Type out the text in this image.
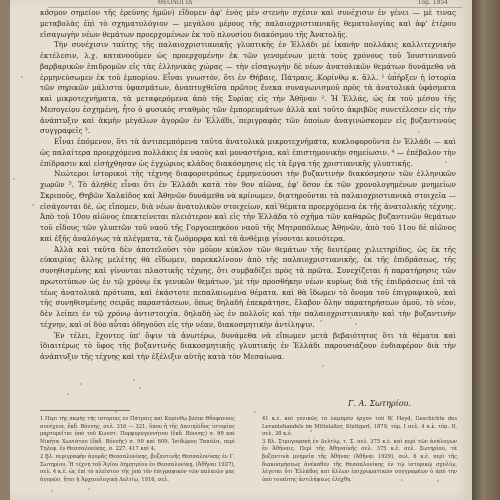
ΘΕΟΛΟΓΙΑ	Τόμ. 1954

κόσμον σημείον τῆς ἐρεύνης ἡμῶν) εἴδομεν ἀφ' ἑνὸς μὲν στενὴν σχέσιν καὶ συνέχισιν ἐν γένει — μὲ τινας μεταβολὰς ἐπὶ τὸ σχηματολόγιον — μεγάλου μέρους τῆς παλαιοχριστιανικῆς θεματολογίας καὶ ἀφ' ἑτέρου εἰσαγωγὴν νέων θεμάτων προερχομένων ἐκ τοῦ πλουσίου διακόσμου τῆς Ἀνατολῆς.

Τὴν συνέχισιν ταύτης τῆς παλαιοχριστιανικῆς γλυπτικῆς ἐν Ἑλλάδι μὲ ἱκανὴν πολλάκις καλλιτεχνικὴν ἐκτέλεσιν, λ.χ. κατανοοῦμεν ὡς προερχομένην ἐκ τῶν γενομένων μετὰ τοὺς χρόνους τοῦ Ἰουστινιανοῦ βαρβαρικῶν ἐπιδρομῶν εἰς τὰς ἑλληνικὰς χώρας — τὴν εἰσαγωγὴν δὲ νέων ἀνατολικῶν θεμάτων δυνάμεθα νὰ ἑρμηνεύσωμεν ἐκ τοῦ ἐμπορίου. Εἶναι γνωστόν, ὅτι ἐν Θήβαις, Πάτραις, Κορίνθῳ κ. ἄλλ. ¹ ὑπῆρξεν ἡ ἱστορία τῶν σηρικῶν μάλιστα ὑφασμάτων, ἀναπτυχθεῖσα πρῶτος ἕνεκα συναγωνισμοῦ πρὸς τὰ ἀνατολικὰ ὑφάσματα καὶ μικροτεχνήματα, τὰ μεταφερόμενα ἀπὸ τῆς Συρίας εἰς τὴν Ἀθῆναν ². Ἡ Ἑλλάς, ὡς ἐκ τοῦ μέσου τῆς Μεσογείου ἐσχημένη, ἦτο ὁ φυσικὸς σταθμὸς τῶν ἐμπορευμάτων ἀλλὰ καὶ τοῦτο ἀκριβῶς συνετέλεσεν εἰς τὴν ἀνάπτυξιν καὶ ἀκμὴν μεγάλων ἀγορῶν ἐν Ἑλλάδι, περιγραφὰς τῶν ὁποίων ἀναγινώσκομεν εἰς βυζαντινοὺς συγγραφεῖς ³.

Εἶναι ἐπόμενον, ὅτι τὰ ἀντιπεμπόμενα ταῦτα ἀνατολικὰ μικροτεχνήματα, κυκλοφοροῦντα ἐν Ἑλλάδι — καὶ ὡς παλαίτερα προερχόμενα πολλάκις ἐκ ναοὺς καὶ μοναστήρια, καὶ ἐπιστημονικὴν σημείωσιν. ⁴ — ἐπέβαλον τὴν ἐπίδρασιν καὶ εἰσήχθησαν ὡς ἐγχώριος κλάδος διακόσμησις εἰς τὰ ἔργα τῆς χριστιανικῆς γλυπτικῆς.

Νεώτεροι ἱστορικοὶ τῆς τέχνης διαφοροτρόπως ἑρμηνεύουσι τὴν βυζαντινὴν διακόσμησιν τῶν ἑλληνικῶν χωρῶν ⁵. Τὸ ἀληθὲς εἶναι ὅτι ἐν Ἑλλάδι κατὰ τὸν 9ον αἰῶνα, ἐφ' ὅσον ἐκ τῶν χρονολογημένων μνημείων Σκριποῦς, Θηβῶν Χαλκίδος καὶ Ἀθηνῶν δυνάμεθα νὰ κρίνωμεν, διατηροῦνται τὰ παλαιοχριστιανικὰ στοιχεῖα — εἰσάγονται δὲ, ὡς εἴπομεν, διὰ νέων ἀνατολικῶν στοιχείων, καὶ θέματα προερχόμενα ἐκ τῆς ἀνατολικῆς τέχνης. Ἀπὸ τοῦ 10ου αἰῶνος ἐπεκτείνεται πλειότερον καὶ εἰς τὴν Ἑλλάδα τὸ σχῆμα τῶν καθαρῶς βυζαντινῶν θεμάτων τοῦ εἴδους τῶν γλυπτῶν τοῦ ναοῦ τῆς Γοργοεπηκόου ναοῦ τῆς Μητροπόλεως Ἀθηνῶν, ἀπὸ τοῦ 11ου δὲ αἰῶνος καὶ ἑξῆς ἀναλόγως τὰ πλέγματα, τὰ ζωόμορφα καὶ τὰ ἀνθέμια γίνονται κοινότερα.

Ἀλλὰ καὶ ταῦτα δὲν ἀποτελοῦσι τὸν μόνον κύκλον τῶν θεμάτων τῆς δευτέρας χιλιετηρίδος, ὡς ἐκ τῆς εὐκαιρίας ἄλλης μελέτης θὰ εἴδωμεν, παρεκκλίνουν ἀπὸ τῆς παλαιοχριστιανικῆς, ἐκ τῆς ἐπιδράσεως, τῆς συνηθισμένης καὶ γίνονται πλαστικῆς τέχνης, ὅτι συμβαδίζει πρὸς τὰ πρῶτα. Συνεχίζεται ἡ παρατήρησις τῶν πρωτοτύπων ὡς ἐν τῷ χρόνῳ ἐκ γενικῶν θεμάτων, μὲ τὴν προσθήκην νέων κυρίως διὰ τῆς ἐπιδράσεως ἐπὶ τὰ τέως ἀνατολικὰ πρότυπα, καὶ ἐκάστοτε πεπαλαιωμένα θέματα. καὶ θὰ ἴδωμεν τὸ ὄνομα τοῦ ἐπιγραφικοῦ, καὶ τῆς συνηθισμένης σειρᾶς παραστάσεων, ὅπως δηλαδὴ ἐπεκράτησε, ἔλαβον ὅλην παρατηρήσεων ὁμοῦ, τὸ νέον, δὲν λείπει ἐν τῷ χρόνῳ ἀντιστοιχία. δηλαδὴ ὡς ἐν πολλοῖς καὶ τὴν παλαιοχριστιανικὴν καὶ τὴν βυζαντινὴν τέχνην, καὶ οἱ δύο αὗται ὁδηγοῦσι εἰς τὴν νέαν, διακοσμητικὴν ἀντίληψιν.

Ἐν τέλει, ἔχοντες ὑπ' ὄψιν τὰ ἀνωτέρω, δυνάμεθα νὰ εἴπωμεν μετὰ βεβαιότητος ὅτι τὰ θέματα καὶ ἰδιαιτέρως τὸ ὕφος τῆς βυζαντινῆς διακοσμητικῆς γλυπτικῆς ἐν Ἑλλάδι παρουσιάζουν ἐνδιαφέρον διὰ τὴν ἀνάπτυξιν τῆς τέχνης καὶ τὴν ἐξέλιξιν αὐτῆς κατὰ τὸν Μεσαίωνα.

Γ. Α. Σωτηρίου.

1 Περὶ τῆς ἀκμῆς τῆς ἱστορίας ἐν Πάτραις καὶ Κορίνθῳ βλέπε Θεοφάνους συνέχεια, ἔκδ. Βόννης, σελ. 316 — 321, ὅπου ἡ τῆς Δανιηλίδος ἱστορίας μαρτυρεῖται ὑπὸ τοῦ Κωνστ. Πορφυρογεννήτου (ἔκδ. Βόννης) σ. 99 καὶ Νικήτα Χωνιάτου (ἔκδ. Βόννης) σ. 99 καὶ 609. Ἰσιδώρου Ταπόλα, περὶ Τηλεφ. ἐν Θεσσαλονίκης, σ. 227, 417 καὶ 4.

2 Βλ. περιγραφὴν ἀγορᾶς Θεσσαλονίκης, βυζαντινῆς Θεσσαλονίκης ἐν Γ. Σωτηρίου, Ἡ τέχνη τοῦ Ἁγίου Δημητρίου ἐν Θεσσαλονίκῃ, (Ἀθῆναι 1927), σελ. 4 κ.ἑ. ὡς ἐπὶ τὸ πλεῖστον τῆς ὑπὸ τὸν ἐπιγραφικὸν τῶν παλαιῶν μας ἀγορῶν, ἤτοι ἡ Ἀρχαιολογικὴ Δελτίῳ, 1916, σελ.

41 κ.ἑ. καὶ γενικῶς τὸ λαμπρὸν ἔργον τοῦ W. Heyd, Geschichte des Levantehandels im Mittelalter, Stuttgart, 1879, τόμ. Ι σελ. 4 κ.ἑ. τόμ. II, σελ. 38 κ.ἑ.

3 Βλ. Στρυγοφσκὴ ἐν Δελτίῳ, τ. Σ. σελ. 375 κ.ἑ. καὶ περὶ τῶν ἀνάλογων ἐν Ἀθήναις. Περὶ τῆς Ἀθηναϊκῆς σελ. 375 κ.ἑ. σελ. Σωτηρίου, τὰ βυζαντινὰ μνημεῖα τῆς Ἀθήνας (Ἀθῆναι 1929), σελ. 6 κ.ἑ. περὶ τῆς διακοσμήσεως ἀνέκαθεν τῆς Θεσσαλονίκης ἐν τῷ ἱστορικῷ σχολίῳ, λέγεται ὅτι Ἑλλάδος καὶ ἄλλων ἐπιχρωματικῶν συγγραφέων ὁ ἀπὸ τὴν ὑπὸ τοιαύτης ἀντιλήψεως ἐλέχθη.
